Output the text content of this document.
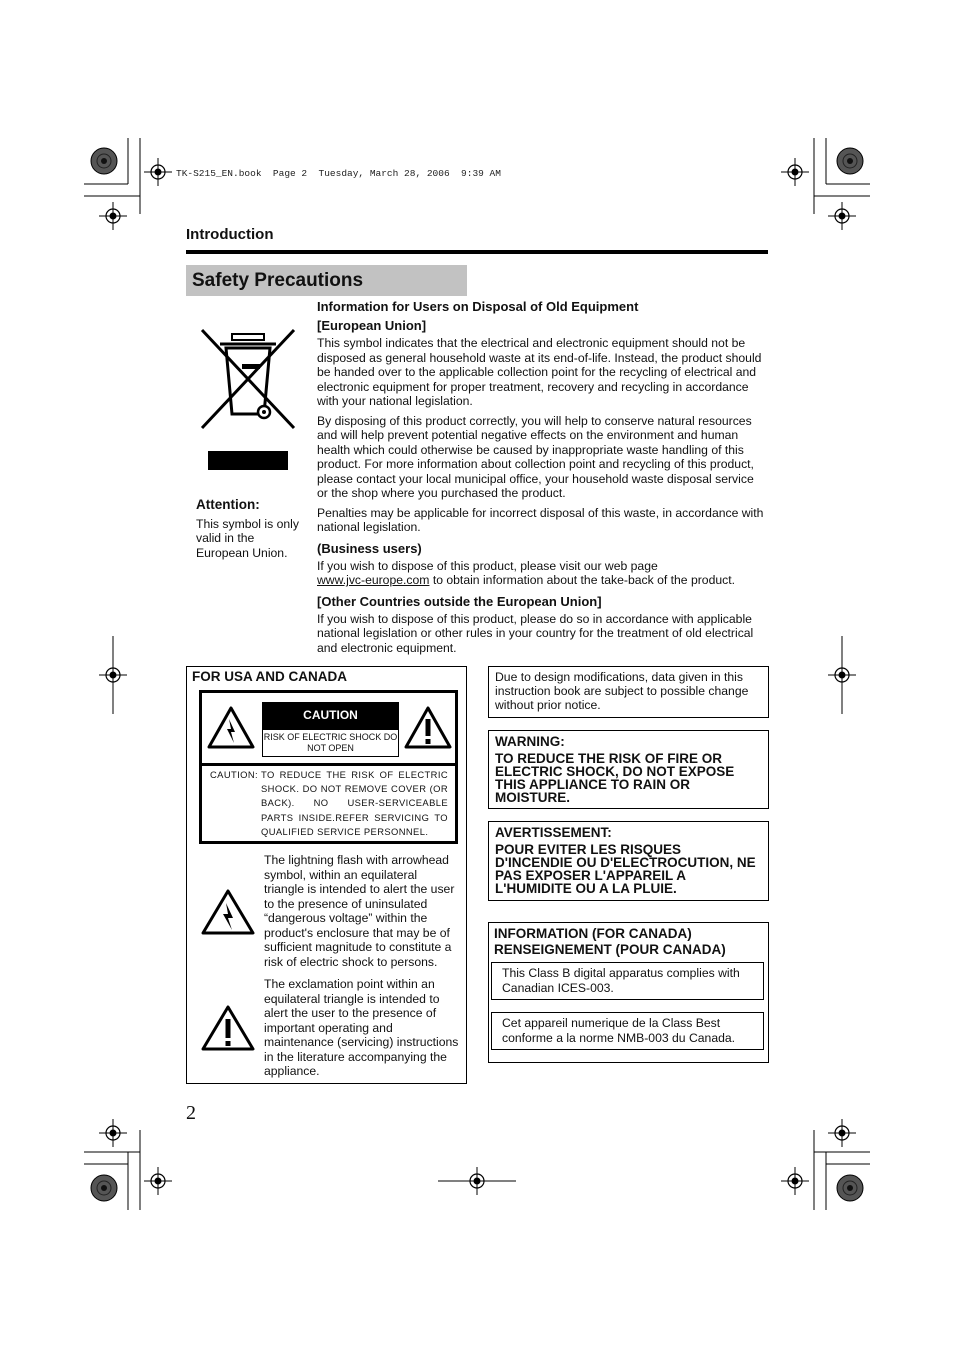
TK-S215_EN.book  Page 2  Tuesday, March 28, 2006  9:39 AM
Introduction
Safety Precautions
Attention:

This symbol is only valid in the European Union.

Information for Users on Disposal of Old Equipment
[European Union]

This symbol indicates that the electrical and electronic equipment should not be disposed as general household waste at its end-of-life. Instead, the product should be handed over to the applicable collection point for the recycling of electrical and electronic equipment for proper treatment, recovery and recycling in accordance with your national legislation.

By disposing of this product correctly, you will help to conserve natural resources and will help prevent potential negative effects on the environment and human health which could otherwise be caused by inappropriate waste handling of this product. For more information about collection point and recycling of this product, please contact your local municipal office, your household waste disposal service or the shop where you purchased the product.

Penalties may be applicable for incorrect disposal of this waste, in accordance with national legislation.

(Business users)

If you wish to dispose of this product, please visit our web page
www.jvc-europe.com to obtain information about the take-back of the product.

[Other Countries outside the European Union]

If you wish to dispose of this product, please do so in accordance with applicable national legislation or other rules in your country for the treatment of old electrical and electronic equipment.

FOR USA AND CANADA
CAUTION
RISK OF ELECTRIC SHOCK DO NOT OPEN
CAUTION: TO REDUCE THE RISK OF ELECTRIC SHOCK. DO NOT REMOVE COVER (OR BACK). NO USER-SERVICEABLE PARTS INSIDE.REFER SERVICING TO QUALIFIED SERVICE PERSONNEL.
The lightning flash with arrowhead symbol, within an equilateral triangle is intended to alert the user to the presence of uninsulated “dangerous voltage” within the product's enclosure that may be of sufficient magnitude to constitute a risk of electric shock to persons.
The exclamation point within an equilateral triangle is intended to alert the user to the presence of important operating and maintenance (servicing) instructions in the literature accompanying the appliance.
Due to design modifications, data given in this instruction book are subject to possible change without prior notice.
WARNING:

TO REDUCE THE RISK OF FIRE OR ELECTRIC SHOCK, DO NOT EXPOSE THIS APPLIANCE TO RAIN OR MOISTURE.

AVERTISSEMENT:

POUR EVITER LES RISQUES D'INCENDIE OU D'ELECTROCUTION, NE PAS EXPOSER L'APPAREIL A L'HUMIDITE OU A LA PLUIE.

INFORMATION (FOR CANADA)
RENSEIGNEMENT (POUR CANADA)
This Class B digital apparatus complies with Canadian ICES-003.
Cet appareil numerique de la Class Best conforme a la norme NMB-003 du Canada.
2
